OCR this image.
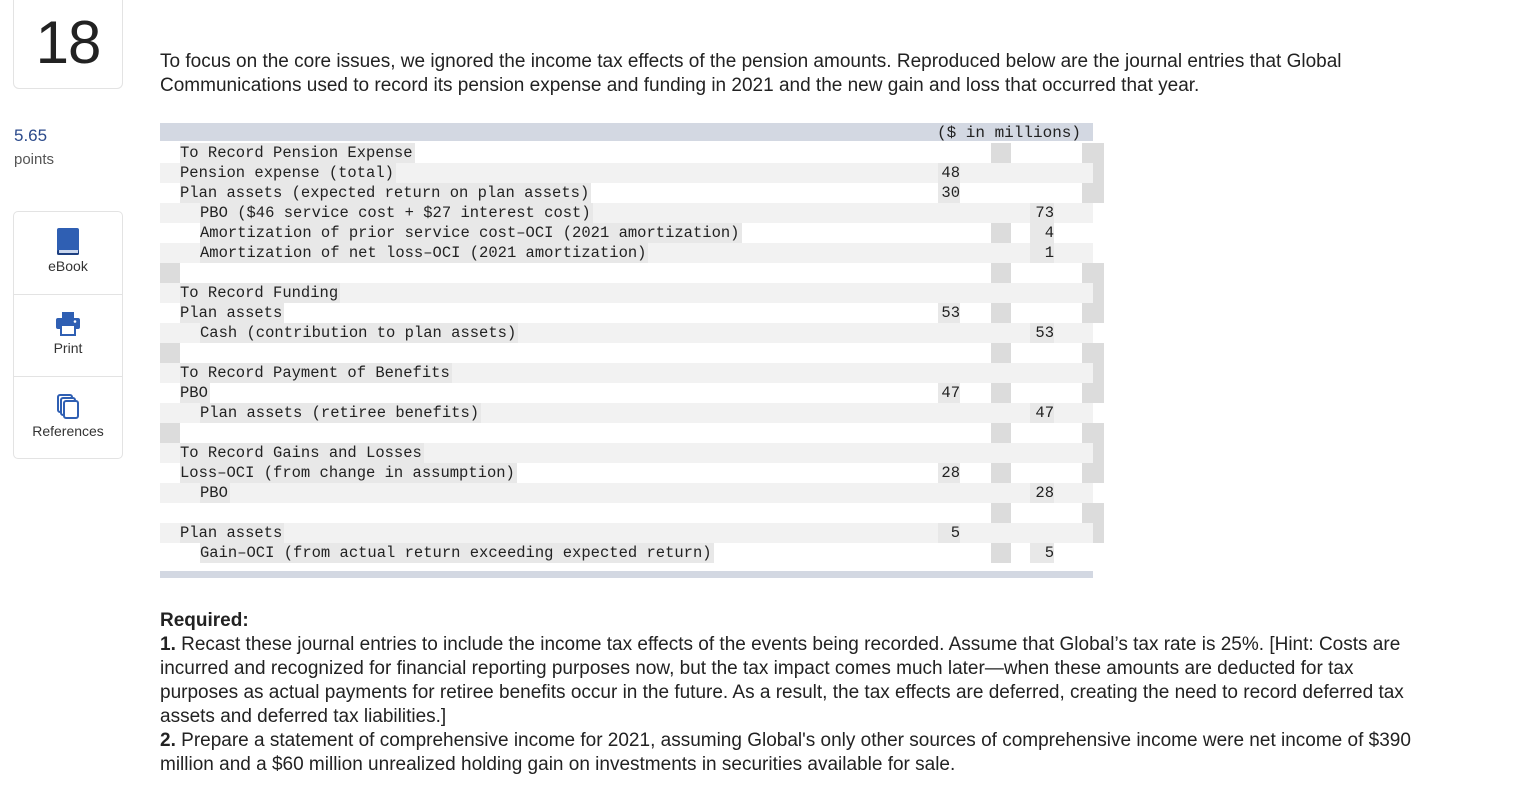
18
5.65
points
eBook
Print
References
To focus on the core issues, we ignored the income tax effects of the pension amounts. Reproduced below are the journal entries that Global Communications used to record its pension expense and funding in 2021 and the new gain and loss that occurred that year.
($ in millions)
To Record Pension Expense
Pension expense (total)	48
Plan assets (expected return on plan assets)	30
PBO ($46 service cost + $27 interest cost)	73
Amortization of prior service cost–OCI (2021 amortization)	4
Amortization of net loss–OCI (2021 amortization)	1
To Record Funding
Plan assets	53
Cash (contribution to plan assets)	53
To Record Payment of Benefits
PBO	47
Plan assets (retiree benefits)	47
To Record Gains and Losses
Loss–OCI (from change in assumption)	28
PBO	28
Plan assets	5
Gain–OCI (from actual return exceeding expected return)	5
Required:
1. Recast these journal entries to include the income tax effects of the events being recorded. Assume that Global’s tax rate is 25%. [Hint: Costs are incurred and recognized for financial reporting purposes now, but the tax impact comes much later—when these amounts are deducted for tax purposes as actual payments for retiree benefits occur in the future. As a result, the tax effects are deferred, creating the need to record deferred tax assets and deferred tax liabilities.]
2. Prepare a statement of comprehensive income for 2021, assuming Global's only other sources of comprehensive income were net income of $390 million and a $60 million unrealized holding gain on investments in securities available for sale.
